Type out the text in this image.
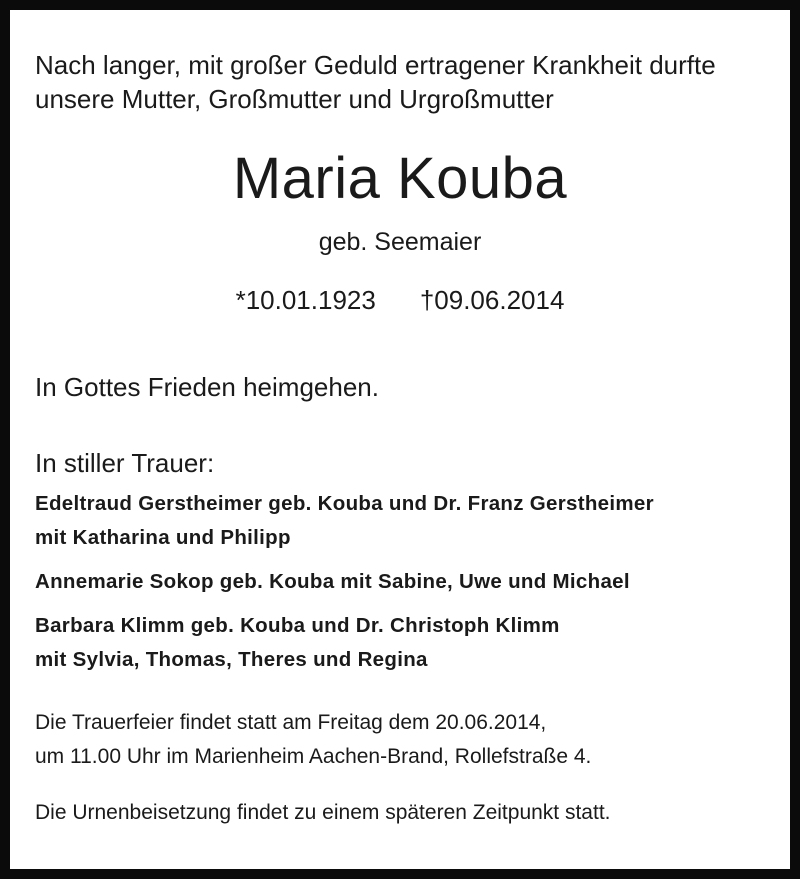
Nach langer, mit großer Geduld ertragener Krankheit durfte
unsere Mutter, Großmutter und Urgroßmutter
Maria Kouba
geb. Seemaier
*10.01.1923 †09.06.2014
In Gottes Frieden heimgehen.
In stiller Trauer:
Edeltraud Gerstheimer geb. Kouba und Dr. Franz Gerstheimer
mit Katharina und Philipp
Annemarie Sokop geb. Kouba mit Sabine, Uwe und Michael
Barbara Klimm geb. Kouba und Dr. Christoph Klimm
mit Sylvia, Thomas, Theres und Regina
Die Trauerfeier findet statt am Freitag dem 20.06.2014,
um 11.00 Uhr im Marienheim Aachen-Brand, Rollefstraße 4.
Die Urnenbeisetzung findet zu einem späteren Zeitpunkt statt.
